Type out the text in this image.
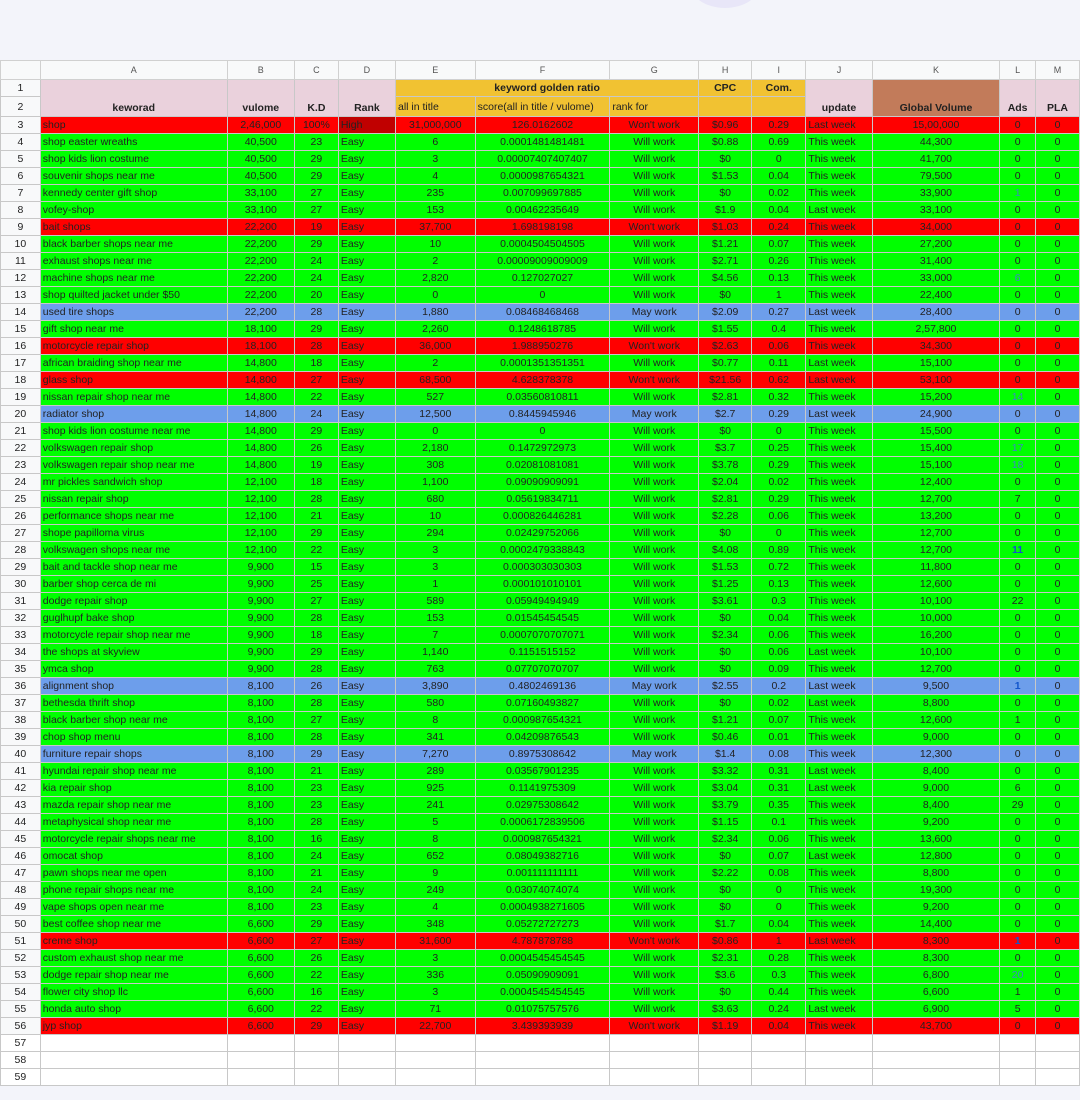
	A	B	C	D	E	F	G	H	I	J	K	L	M
1	keworad	vulome	K.D	Rank	keyword golden ratio			CPC	Com.	update	Global Volume	Ads	PLA
2					all in title	score(all in title / vulome)	rank for						
3	shop	2,46,000	100%	High	31,000,000	126.0162602	Won't work	$0.96	0.29	Last week	15,00,000	0	0
4	shop easter wreaths	40,500	23	Easy	6	0.0001481481481	Will work	$0.88	0.69	This week	44,300	0	0
5	shop kids lion costume	40,500	29	Easy	3	0.00007407407407	Will work	$0	0	This week	41,700	0	0
6	souvenir shops near me	40,500	29	Easy	4	0.0000987654321	Will work	$1.53	0.04	This week	79,500	0	0
7	kennedy center gift shop	33,100	27	Easy	235	0.007099697885	Will work	$0	0.02	This week	33,900	1	0
8	vofey-shop	33,100	27	Easy	153	0.00462235649	Will work	$1.9	0.04	Last week	33,100	0	0
9	bait shops	22,200	19	Easy	37,700	1.698198198	Won't work	$1.03	0.24	This week	34,000	0	0
10	black barber shops near me	22,200	29	Easy	10	0.0004504504505	Will work	$1.21	0.07	This week	27,200	0	0
11	exhaust shops near me	22,200	24	Easy	2	0.00009009009009	Will work	$2.71	0.26	This week	31,400	0	0
12	machine shops near me	22,200	24	Easy	2,820	0.127027027	Will work	$4.56	0.13	This week	33,000	6	0
13	shop quilted jacket under $50	22,200	20	Easy	0	0	Will work	$0	1	This week	22,400	0	0
14	used tire shops	22,200	28	Easy	1,880	0.08468468468	May work	$2.09	0.27	Last week	28,400	0	0
15	gift shop near me	18,100	29	Easy	2,260	0.1248618785	Will work	$1.55	0.4	This week	2,57,800	0	0
16	motorcycle repair shop	18,100	28	Easy	36,000	1.988950276	Won't work	$2.63	0.06	This week	34,300	0	0
17	african braiding shop near me	14,800	18	Easy	2	0.0001351351351	Will work	$0.77	0.11	Last week	15,100	0	0
18	glass shop	14,800	27	Easy	68,500	4.628378378	Won't work	$21.56	0.62	Last week	53,100	0	0
19	nissan repair shop near me	14,800	22	Easy	527	0.03560810811	Will work	$2.81	0.32	This week	15,200	14	0
20	radiator shop	14,800	24	Easy	12,500	0.8445945946	May work	$2.7	0.29	Last week	24,900	0	0
21	shop kids lion costume near me	14,800	29	Easy	0	0	Will work	$0	0	This week	15,500	0	0
22	volkswagen repair shop	14,800	26	Easy	2,180	0.1472972973	Will work	$3.7	0.25	This week	15,400	17	0
23	volkswagen repair shop near me	14,800	19	Easy	308	0.02081081081	Will work	$3.78	0.29	This week	15,100	18	0
24	mr pickles sandwich shop	12,100	18	Easy	1,100	0.09090909091	Will work	$2.04	0.02	This week	12,400	0	0
25	nissan repair shop	12,100	28	Easy	680	0.05619834711	Will work	$2.81	0.29	This week	12,700	7	0
26	performance shops near me	12,100	21	Easy	10	0.000826446281	Will work	$2.28	0.06	This week	13,200	0	0
27	shope papilloma virus	12,100	29	Easy	294	0.02429752066	Will work	$0	0	This week	12,700	0	0
28	volkswagen shops near me	12,100	22	Easy	3	0.0002479338843	Will work	$4.08	0.89	This week	12,700	11	0
29	bait and tackle shop near me	9,900	15	Easy	3	0.000303030303	Will work	$1.53	0.72	This week	11,800	0	0
30	barber shop cerca de mi	9,900	25	Easy	1	0.000101010101	Will work	$1.25	0.13	This week	12,600	0	0
31	dodge repair shop	9,900	27	Easy	589	0.05949494949	Will work	$3.61	0.3	This week	10,100	22	0
32	guglhupf bake shop	9,900	28	Easy	153	0.01545454545	Will work	$0	0.04	This week	10,000	0	0
33	motorcycle repair shop near me	9,900	18	Easy	7	0.0007070707071	Will work	$2.34	0.06	This week	16,200	0	0
34	the shops at skyview	9,900	29	Easy	1,140	0.1151515152	Will work	$0	0.06	Last week	10,100	0	0
35	ymca shop	9,900	28	Easy	763	0.07707070707	Will work	$0	0.09	This week	12,700	0	0
36	alignment shop	8,100	26	Easy	3,890	0.4802469136	May work	$2.55	0.2	Last week	9,500	1	0
37	bethesda thrift shop	8,100	28	Easy	580	0.07160493827	Will work	$0	0.02	Last week	8,800	0	0
38	black barber shop near me	8,100	27	Easy	8	0.000987654321	Will work	$1.21	0.07	This week	12,600	1	0
39	chop shop menu	8,100	28	Easy	341	0.04209876543	Will work	$0.46	0.01	This week	9,000	0	0
40	furniture repair shops	8,100	29	Easy	7,270	0.8975308642	May work	$1.4	0.08	This week	12,300	0	0
41	hyundai repair shop near me	8,100	21	Easy	289	0.03567901235	Will work	$3.32	0.31	Last week	8,400	0	0
42	kia repair shop	8,100	23	Easy	925	0.1141975309	Will work	$3.04	0.31	Last week	9,000	6	0
43	mazda repair shop near me	8,100	23	Easy	241	0.02975308642	Will work	$3.79	0.35	This week	8,400	29	0
44	metaphysical shop near me	8,100	28	Easy	5	0.0006172839506	Will work	$1.15	0.1	This week	9,200	0	0
45	motorcycle repair shops near me	8,100	16	Easy	8	0.000987654321	Will work	$2.34	0.06	This week	13,600	0	0
46	omocat shop	8,100	24	Easy	652	0.08049382716	Will work	$0	0.07	Last week	12,800	0	0
47	pawn shops near me open	8,100	21	Easy	9	0.001111111111	Will work	$2.22	0.08	This week	8,800	0	0
48	phone repair shops near me	8,100	24	Easy	249	0.03074074074	Will work	$0	0	This week	19,300	0	0
49	vape shops open near me	8,100	23	Easy	4	0.0004938271605	Will work	$0	0	This week	9,200	0	0
50	best coffee shop near me	6,600	29	Easy	348	0.05272727273	Will work	$1.7	0.04	This week	14,400	0	0
51	creme shop	6,600	27	Easy	31,600	4.787878788	Won't work	$0.86	1	Last week	8,300	1	0
52	custom exhaust shop near me	6,600	26	Easy	3	0.0004545454545	Will work	$2.31	0.28	This week	8,300	0	0
53	dodge repair shop near me	6,600	22	Easy	336	0.05090909091	Will work	$3.6	0.3	This week	6,800	20	0
54	flower city shop llc	6,600	16	Easy	3	0.0004545454545	Will work	$0	0.44	This week	6,600	1	0
55	honda auto shop	6,600	22	Easy	71	0.01075757576	Will work	$3.63	0.24	Last week	6,900	5	0
56	jyp shop	6,600	29	Easy	22,700	3.439393939	Won't work	$1.19	0.04	This week	43,700	0	0
57													
58													
59													
